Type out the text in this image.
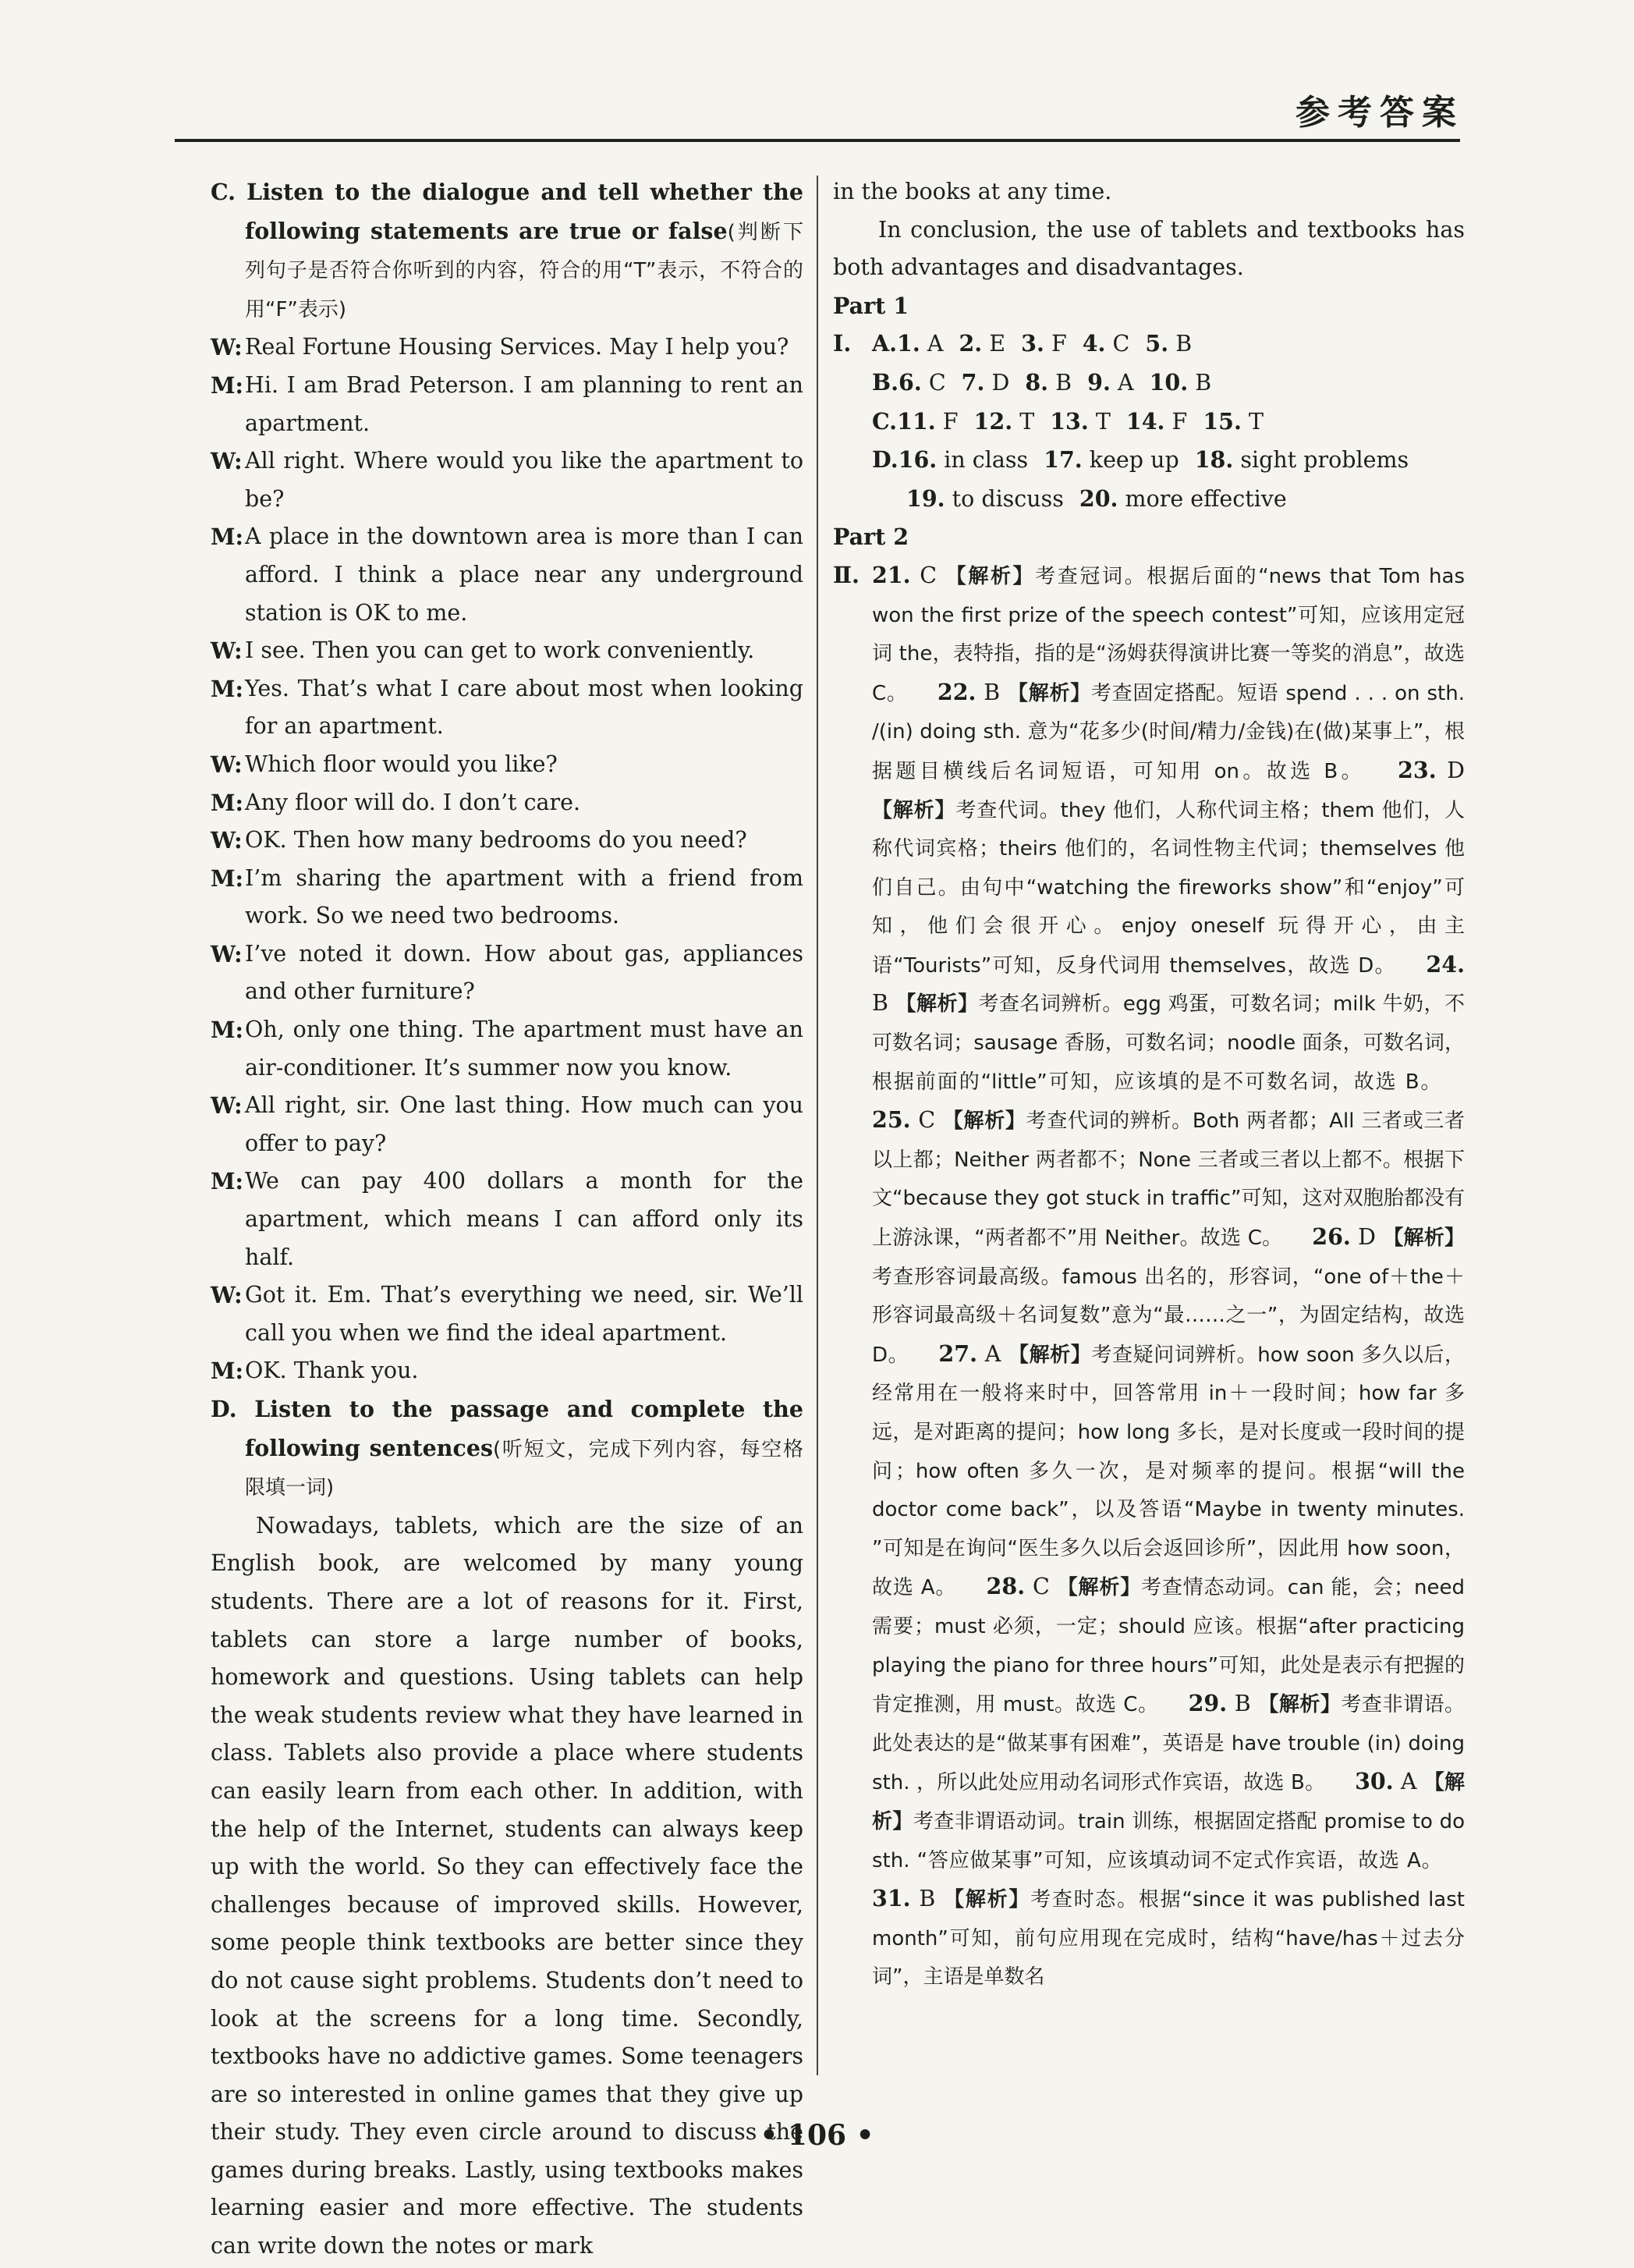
参考答案

C. Listen to the dialogue and tell whether the following statements are true or false(判断下列句子是否符合你听到的内容，符合的用“T”表示，不符合的用“F”表示)

W: Real Fortune Housing Services. May I help you?
M: Hi. I am Brad Peterson. I am planning to rent an apartment.
W: All right. Where would you like the apartment to be?
M: A place in the downtown area is more than I can afford. I think a place near any underground station is OK to me.
W: I see. Then you can get to work conveniently.
M: Yes. That’s what I care about most when looking for an apartment.
W: Which floor would you like?
M: Any floor will do. I don’t care.
W: OK. Then how many bedrooms do you need?
M: I’m sharing the apartment with a friend from work. So we need two bedrooms.
W: I’ve noted it down. How about gas, appliances and other furniture?
M: Oh, only one thing. The apartment must have an air-conditioner. It’s summer now you know.
W: All right, sir. One last thing. How much can you offer to pay?
M: We can pay 400 dollars a month for the apartment, which means I can afford only its half.
W: Got it. Em. That’s everything we need, sir. We’ll call you when we find the ideal apartment.
M: OK. Thank you.

D. Listen to the passage and complete the following sentences(听短文，完成下列内容，每空格限填一词)

Nowadays, tablets, which are the size of an English book, are welcomed by many young students. There are a lot of reasons for it. First, tablets can store a large number of books, homework and questions. Using tablets can help the weak students review what they have learned in class. Tablets also provide a place where students can easily learn from each other. In addition, with the help of the Internet, students can always keep up with the world. So they can effectively face the challenges because of improved skills. However, some people think textbooks are better since they do not cause sight problems. Students don’t need to look at the screens for a long time. Secondly, textbooks have no addictive games. Some teenagers are so interested in online games that they give up their study. They even circle around to discuss the games during breaks. Lastly, using textbooks makes learning easier and more effective. The students can write down the notes or mark

in the books at any time.

In conclusion, the use of tablets and textbooks has both advantages and disadvantages.

Part 1

Ⅰ. A.1. A 2. E 3. F 4. C 5. B
B.6. C 7. D 8. B 9. A 10. B
C.11. F 12. T 13. T 14. F 15. T
D.16. in class 17. keep up 18. sight problems
19. to discuss 20. more effective

Part 2

Ⅱ. 21. C 【解析】考查冠词。根据后面的“news that Tom has won the first prize of the speech contest”可知，应该用定冠词 the，表特指，指的是“汤姆获得演讲比赛一等奖的消息”，故选 C。  22. B 【解析】考查固定搭配。短语 spend . . . on sth. /(in) doing sth. 意为“花多少(时间/精力/金钱)在(做)某事上”，根据题目横线后名词短语，可知用 on。故选 B。  23. D 【解析】考查代词。they 他们，人称代词主格；them 他们，人称代词宾格；theirs 他们的，名词性物主代词；themselves 他们自己。由句中“watching the fireworks show”和“enjoy”可知，他们会很开心。enjoy oneself 玩得开心，由主语“Tourists”可知，反身代词用 themselves，故选 D。  24. B 【解析】考查名词辨析。egg 鸡蛋，可数名词；milk 牛奶，不可数名词；sausage 香肠，可数名词；noodle 面条，可数名词，根据前面的“little”可知，应该填的是不可数名词，故选 B。  25. C 【解析】考查代词的辨析。Both 两者都；All 三者或三者以上都；Neither 两者都不；None 三者或三者以上都不。根据下文“because they got stuck in traffic”可知，这对双胞胎都没有上游泳课，“两者都不”用 Neither。故选 C。  26. D 【解析】考查形容词最高级。famous 出名的，形容词，“one of＋the＋形容词最高级＋名词复数”意为“最……之一”，为固定结构，故选 D。  27. A 【解析】考查疑问词辨析。how soon 多久以后，经常用在一般将来时中，回答常用 in＋一段时间；how far 多远，是对距离的提问；how long 多长，是对长度或一段时间的提问；how often 多久一次，是对频率的提问。根据“will the doctor come back”，以及答语“Maybe in twenty minutes. ”可知是在询问“医生多久以后会返回诊所”，因此用 how soon，故选 A。  28. C 【解析】考查情态动词。can 能，会；need 需要；must 必须，一定；should 应该。根据“after practicing playing the piano for three hours”可知，此处是表示有把握的肯定推测，用 must。故选 C。  29. B 【解析】考查非谓语。此处表达的是“做某事有困难”，英语是 have trouble (in) doing sth. ，所以此处应用动名词形式作宾语，故选 B。  30. A 【解析】考查非谓语动词。train 训练，根据固定搭配 promise to do sth. “答应做某事”可知，应该填动词不定式作宾语，故选 A。  31. B 【解析】考查时态。根据“since it was published last month”可知，前句应用现在完成时，结构“have/has＋过去分词”，主语是单数名
• 106 •
